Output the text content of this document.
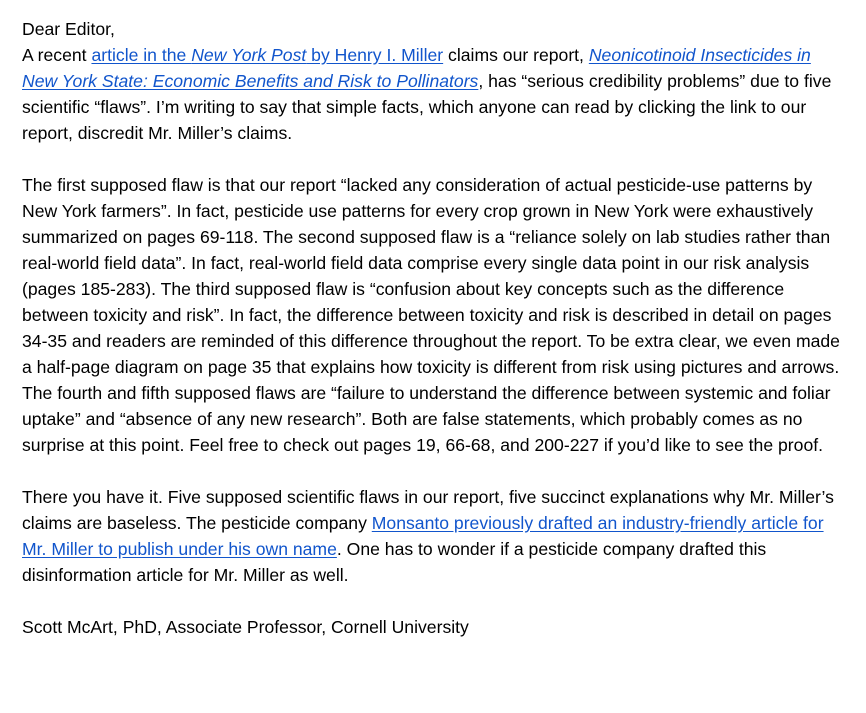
Dear Editor,

A recent article in the New York Post by Henry I. Miller claims our report, Neonicotinoid Insecticides in New York State: Economic Benefits and Risk to Pollinators, has “serious credibility problems” due to five scientific “flaws”. I’m writing to say that simple facts, which anyone can read by clicking the link to our report, discredit Mr. Miller’s claims.

The first supposed flaw is that our report “lacked any consideration of actual pesticide-use patterns by New York farmers”. In fact, pesticide use patterns for every crop grown in New York were exhaustively summarized on pages 69-118. The second supposed flaw is a “reliance solely on lab studies rather than real-world field data”. In fact, real-world field data comprise every single data point in our risk analysis (pages 185-283). The third supposed flaw is “confusion about key concepts such as the difference between toxicity and risk”. In fact, the difference between toxicity and risk is described in detail on pages 34-35 and readers are reminded of this difference throughout the report. To be extra clear, we even made a half-page diagram on page 35 that explains how toxicity is different from risk using pictures and arrows. The fourth and fifth supposed flaws are “failure to understand the difference between systemic and foliar uptake” and “absence of any new research”. Both are false statements, which probably comes as no surprise at this point. Feel free to check out pages 19, 66-68, and 200-227 if you’d like to see the proof.

There you have it. Five supposed scientific flaws in our report, five succinct explanations why Mr. Miller’s claims are baseless. The pesticide company Monsanto previously drafted an industry-friendly article for Mr. Miller to publish under his own name. One has to wonder if a pesticide company drafted this disinformation article for Mr. Miller as well.

Scott McArt, PhD, Associate Professor, Cornell University
